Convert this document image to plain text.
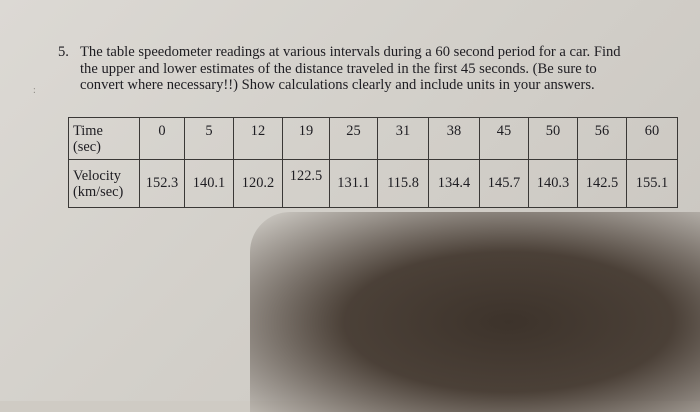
:
5. The table speedometer readings at various intervals during a 60 second period for a car. Find
the upper and lower estimates of the distance traveled in the first 45 seconds. (Be sure to
convert where necessary!!) Show calculations clearly and include units in your answers.
Time
(sec)	0	5	12	19	25	31	38	45	50	56	60

Velocity
(km/sec)	152.3	140.1	120.2	122.5	131.1	115.8	134.4	145.7	140.3	142.5	155.1
